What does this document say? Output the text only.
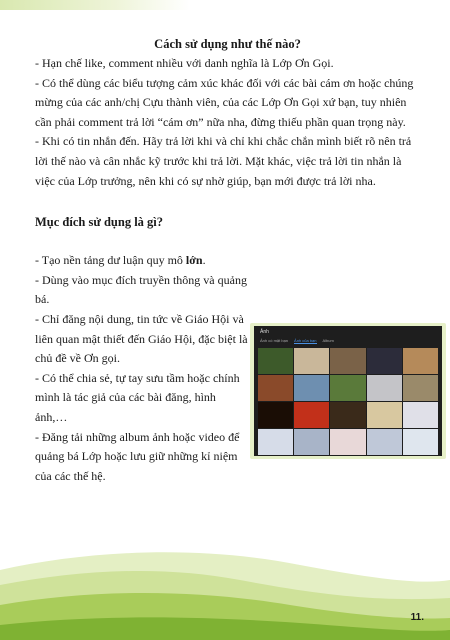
Cách sử dụng như thế nào?

- Hạn chế like, comment nhiều với danh nghĩa là Lớp Ơn Gọi.

- Có thể dùng các biểu tượng cảm xúc khác đối với các bài cám ơn hoặc chúng mừng của các anh/chị Cựu thành viên, của các Lớp Ơn Gọi xứ bạn, tuy nhiên cần phải comment trả lời “cám ơn” nữa nha, đừng thiếu phần quan trọng này.

- Khi có tin nhắn đến. Hãy trả lời khi và chỉ khi chắc chắn mình biết rõ nên trả lời thế nào và cân nhắc kỹ trước khi trả lời. Mặt khác, việc trả lời tin nhắn là việc của Lớp trưởng, nên khi có sự nhờ giúp, bạn mới được trả lời nha.

Mục đích sử dụng là gì?

- Tạo nền tảng dư luận quy mô lớn.

- Dùng vào mục đích truyền thông và quảng bá.

- Chỉ đăng nội dung, tin tức về Giáo Hội và liên quan mật thiết đến Giáo Hội, đặc biệt là chủ đề về Ơn gọi.

- Có thể chia sẻ, tự tay sưu tầm hoặc chính mình là tác giả của các bài đăng, hình ảnh,…

- Đăng tải những album ảnh hoặc video để quảng bá Lớp hoặc lưu giữ những kỉ niệm của các thế hệ.

Ảnh
Ảnh có mặt bạn Ảnh của bạn Album
11.
